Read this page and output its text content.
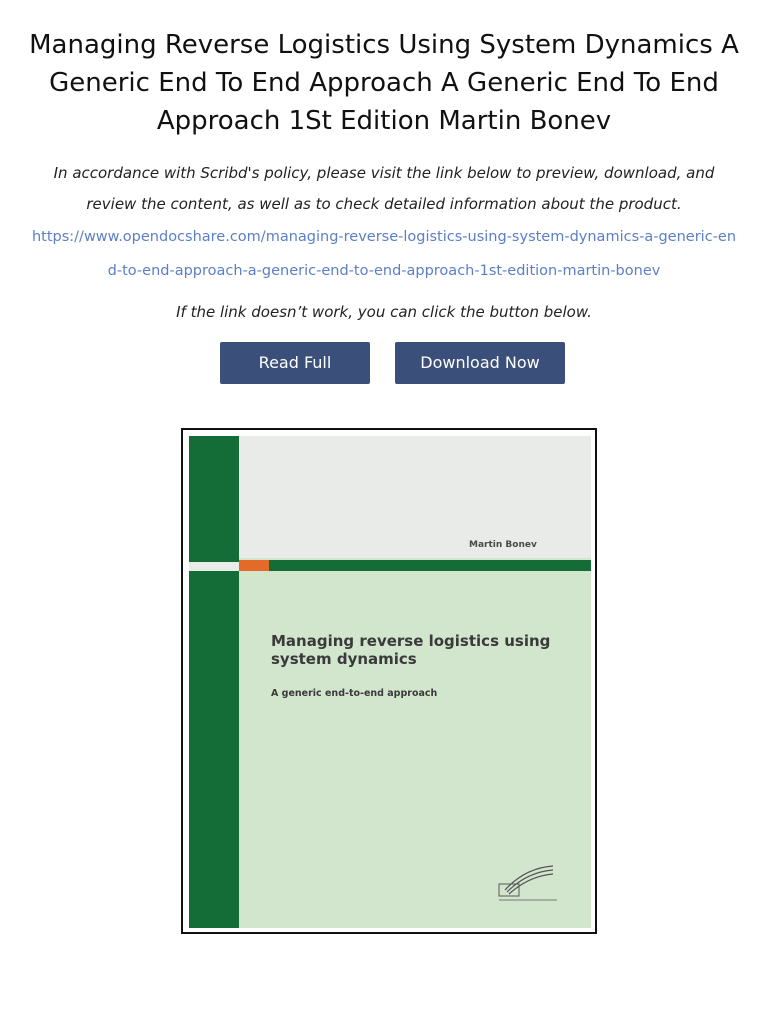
Managing Reverse Logistics Using System Dynamics A Generic End To End Approach A Generic End To End Approach 1St Edition Martin Bonev

In accordance with Scribd's policy, please visit the link below to preview, download, and review the content, as well as to check detailed information about the product.

https://www.opendocshare.com/managing-reverse-logistics-using-system-dynamics-a-generic-end-to-end-approach-a-generic-end-to-end-approach-1st-edition-martin-bonev

If the link doesn’t work, you can click the button below.

Read Full	Download Now

Martin Bonev

Managing reverse logistics using system dynamics

A generic end-to-end approach
